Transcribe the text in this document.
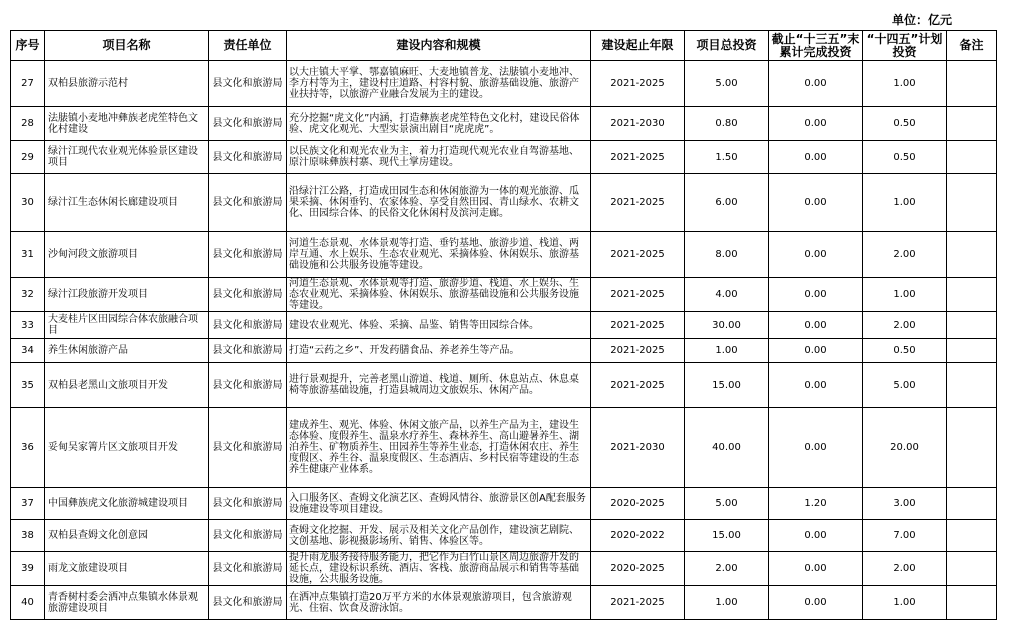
单位：亿元
序号	项目名称	责任单位	建设内容和规模	建设起止年限	项目总投资	截止“十三五”末累计完成投资	“十四五”计划投资	备注
27	双柏县旅游示范村	县文化和旅游局	以大庄镇大平掌、鄂嘉镇麻旺、大麦地镇普龙、法脿镇小麦地冲、李方村等为主，建设村庄道路、村容村貌、旅游基础设施、旅游产业扶持等，以旅游产业融合发展为主的建设。	2021-2025	5.00	0.00	1.00	
28	法脿镇小麦地冲彝族老虎笙特色文化村建设	县文化和旅游局	充分挖掘“虎文化”内涵，打造彝族老虎笙特色文化村，建设民俗体验、虎文化观光、大型实景演出剧目“虎虎虎”。	2021-2030	0.80	0.00	0.50	
29	绿汁江现代农业观光体验景区建设项目	县文化和旅游局	以民族文化和观光农业为主，着力打造现代观光农业自驾游基地、原汁原味彝族村寨、现代土掌房建设。	2021-2025	1.50	0.00	0.50	
30	绿汁江生态休闲长廊建设项目	县文化和旅游局	沿绿汁江公路，打造成田园生态和休闲旅游为一体的观光旅游、瓜果采摘、休闲垂钓、农家体验、享受自然田园、青山绿水、农耕文化、田园综合体、的民俗文化休闲村及滨河走廊。	2021-2025	6.00	0.00	1.00	
31	沙甸河段文旅游项目	县文化和旅游局	河道生态景观、水体景观等打造、垂钓基地、旅游步道、栈道、两岸互通、水上娱乐、生态农业观光、采摘体验、休闲娱乐、旅游基础设施和公共服务设施等建设。	2021-2025	8.00	0.00	2.00	
32	绿汁江段旅游开发项目	县文化和旅游局	河道生态景观、水体景观等打造、旅游步道、栈道、水上娱乐、生态农业观光、采摘体验、休闲娱乐、旅游基础设施和公共服务设施等建设。	2021-2025	4.00	0.00	1.00	
33	大麦桂片区田园综合体农旅融合项目	县文化和旅游局	建设农业观光、体验、采摘、品鉴、销售等田园综合体。	2021-2025	30.00	0.00	2.00	
34	养生休闲旅游产品	县文化和旅游局	打造“云药之乡”、开发药膳食品、养老养生等产品。	2021-2025	1.00	0.00	0.50	
35	双柏县老黑山文旅项目开发	县文化和旅游局	进行景观提升，完善老黑山游道、栈道、厕所、休息站点、休息桌椅等旅游基础设施，打造县城周边文旅娱乐、休闲产品。	2021-2025	15.00	0.00	5.00	
36	妥甸吴家箐片区文旅项目开发	县文化和旅游局	建成养生、观光、体验、休闲文旅产品，以养生产品为主，建设生态体验、度假养生、温泉水疗养生、森林养生、高山避暑养生、湖泊养生、矿物质养生、田园养生等养生业态，打造休闲农庄、养生度假区、养生谷、温泉度假区、生态酒店、乡村民宿等建设的生态养生健康产业体系。	2021-2030	40.00	0.00	20.00	
37	中国彝族虎文化旅游城建设项目	县文化和旅游局	入口服务区、查姆文化演艺区、查姆风情谷、旅游景区创A配套服务设施建设等项目建设。	2020-2025	5.00	1.20	3.00	
38	双柏县查姆文化创意园	县文化和旅游局	查姆文化挖掘、开发、展示及相关文化产品创作，建设演艺剧院、文创基地、影视摄影场所、销售、体验区等。	2020-2022	15.00	0.00	7.00	
39	雨龙文旅建设项目	县文化和旅游局	提升雨龙服务接待服务能力，把它作为白竹山景区周边旅游开发的延长点，建设标识系统、酒店、客栈、旅游商品展示和销售等基础设施，公共服务设施。	2020-2025	2.00	0.00	2.00	
40	青香树村委会洒冲点集镇水体景观旅游建设项目	县文化和旅游局	在洒冲点集镇打造20万平方米的水体景观旅游项目，包含旅游观光、住宿、饮食及游泳馆。	2021-2025	1.00	0.00	1.00	
